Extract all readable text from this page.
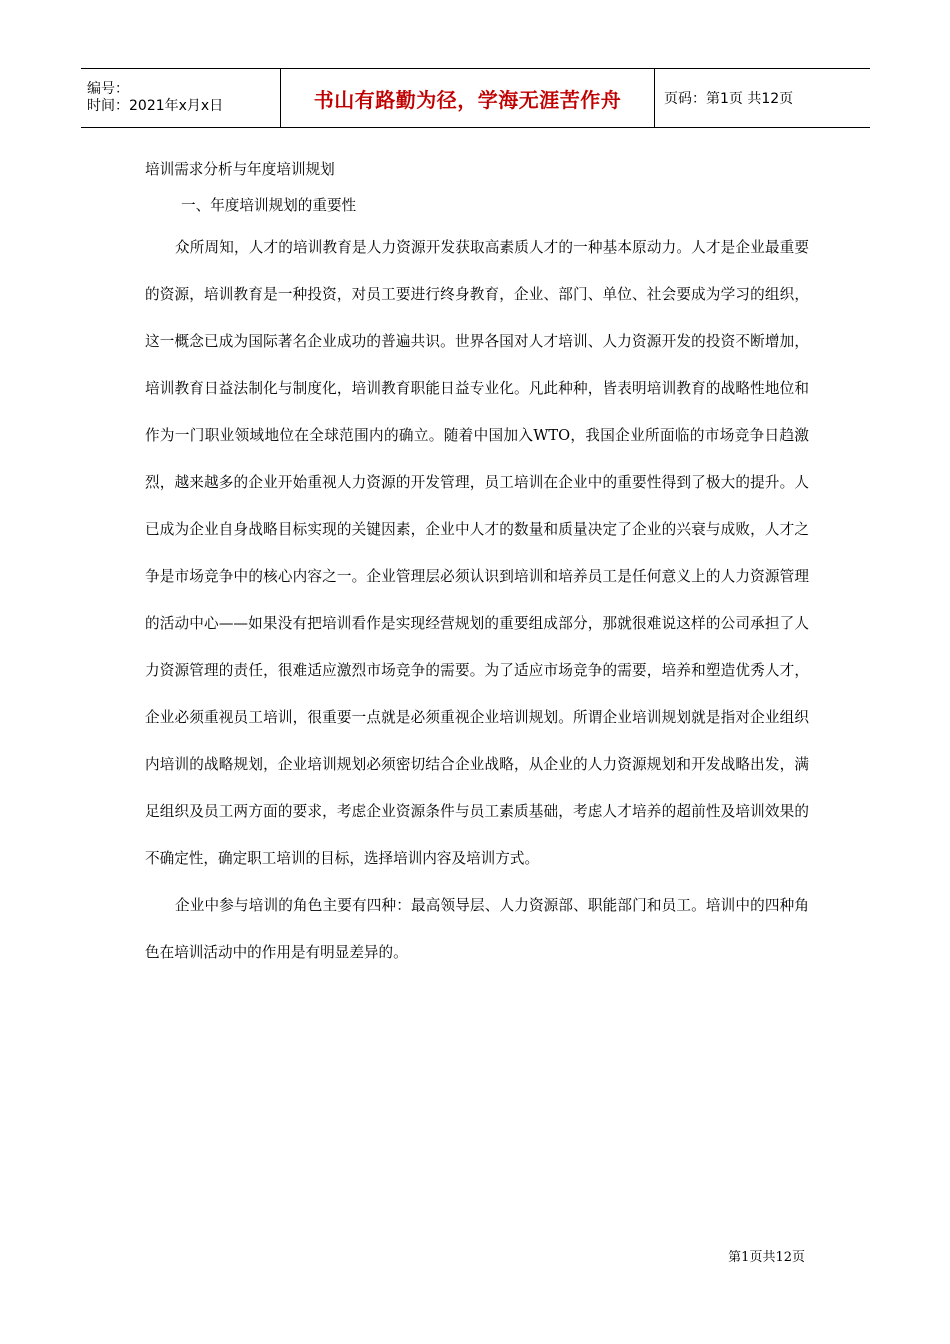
编号：
时间：2021年x月x日	书山有路勤为径，学海无涯苦作舟	页码：第1页 共12页

培训需求分析与年度培训规划

一、年度培训规划的重要性

众所周知，人才的培训教育是人力资源开发获取高素质人才的一种基本原动力。人才是企业最重要的资源，培训教育是一种投资，对员工要进行终身教育，企业、部门、单位、社会要成为学习的组织，这一概念已成为国际著名企业成功的普遍共识。世界各国对人才培训、人力资源开发的投资不断增加，培训教育日益法制化与制度化，培训教育职能日益专业化。凡此种种，皆表明培训教育的战略性地位和作为一门职业领域地位在全球范围内的确立。随着中国加入WTO，我国企业所面临的市场竞争日趋激烈，越来越多的企业开始重视人力资源的开发管理，员工培训在企业中的重要性得到了极大的提升。人已成为企业自身战略目标实现的关键因素，企业中人才的数量和质量决定了企业的兴衰与成败，人才之争是市场竞争中的核心内容之一。企业管理层必须认识到培训和培养员工是任何意义上的人力资源管理的活动中心——如果没有把培训看作是实现经营规划的重要组成部分，那就很难说这样的公司承担了人力资源管理的责任，很难适应激烈市场竞争的需要。为了适应市场竞争的需要，培养和塑造优秀人才，企业必须重视员工培训，很重要一点就是必须重视企业培训规划。所谓企业培训规划就是指对企业组织内培训的战略规划，企业培训规划必须密切结合企业战略，从企业的人力资源规划和开发战略出发，满足组织及员工两方面的要求，考虑企业资源条件与员工素质基础，考虑人才培养的超前性及培训效果的不确定性，确定职工培训的目标，选择培训内容及培训方式。

企业中参与培训的角色主要有四种：最高领导层、人力资源部、职能部门和员工。培训中的四种角色在培训活动中的作用是有明显差异的。

第1页共12页
